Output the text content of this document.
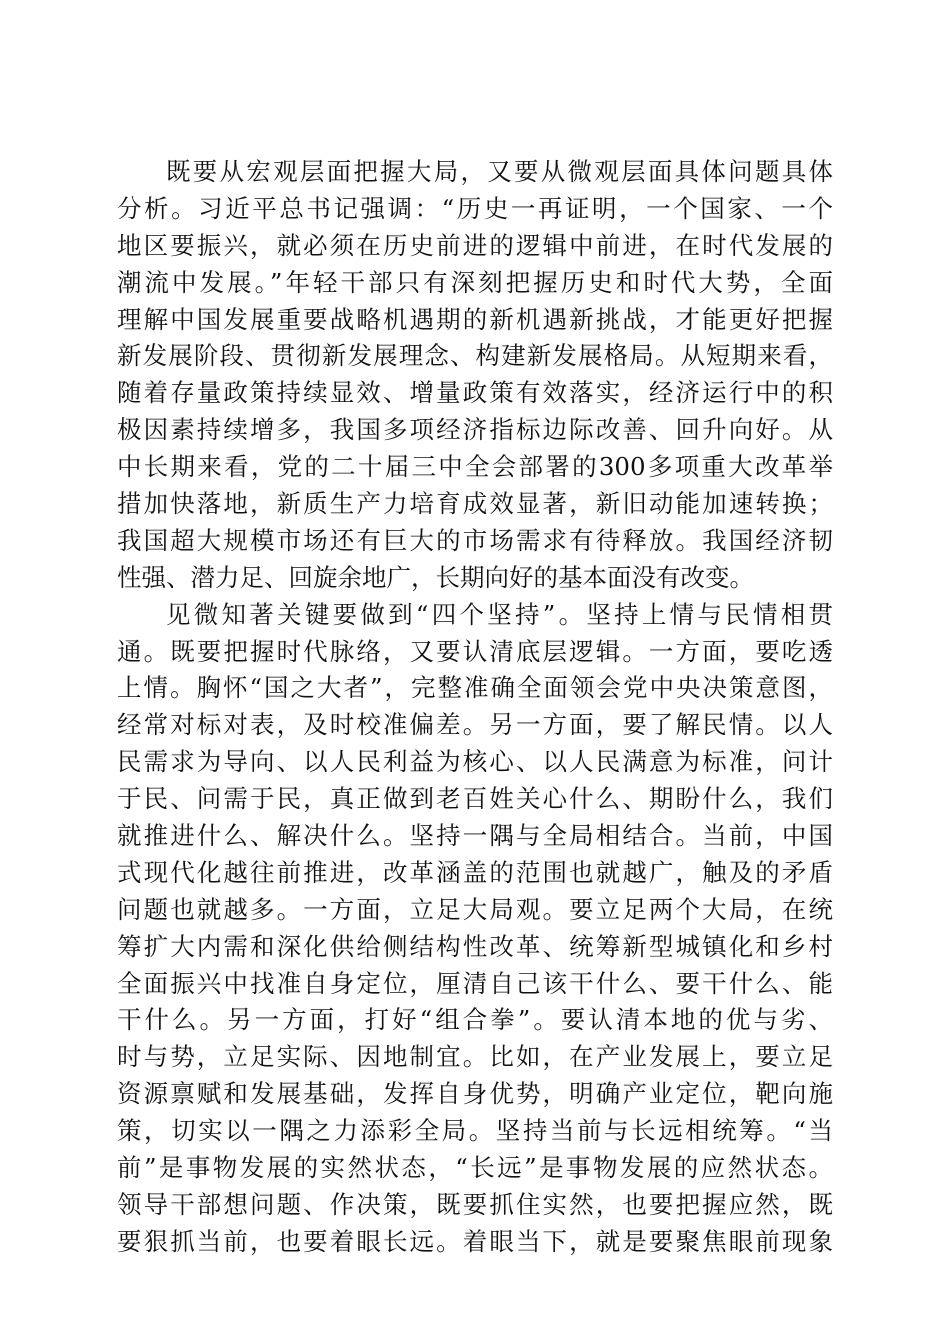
既要从宏观层面把握大局，又要从微观层面具体问题具体
分析。习近平总书记强调：“历史一再证明，一个国家、一个
地区要振兴，就必须在历史前进的逻辑中前进，在时代发展的
潮流中发展。”年轻干部只有深刻把握历史和时代大势，全面
理解中国发展重要战略机遇期的新机遇新挑战，才能更好把握
新发展阶段、贯彻新发展理念、构建新发展格局。从短期来看，
随着存量政策持续显效、增量政策有效落实，经济运行中的积
极因素持续增多，我国多项经济指标边际改善、回升向好。从
中长期来看，党的二十届三中全会部署的300多项重大改革举
措加快落地，新质生产力培育成效显著，新旧动能加速转换；
我国超大规模市场还有巨大的市场需求有待释放。我国经济韧
性强、潜力足、回旋余地广，长期向好的基本面没有改变。
见微知著关键要做到“四个坚持”。坚持上情与民情相贯
通。既要把握时代脉络，又要认清底层逻辑。一方面，要吃透
上情。胸怀“国之大者”，完整准确全面领会党中央决策意图，
经常对标对表，及时校准偏差。另一方面，要了解民情。以人
民需求为导向、以人民利益为核心、以人民满意为标准，问计
于民、问需于民，真正做到老百姓关心什么、期盼什么，我们
就推进什么、解决什么。坚持一隅与全局相结合。当前，中国
式现代化越往前推进，改革涵盖的范围也就越广，触及的矛盾
问题也就越多。一方面，立足大局观。要立足两个大局，在统
筹扩大内需和深化供给侧结构性改革、统筹新型城镇化和乡村
全面振兴中找准自身定位，厘清自己该干什么、要干什么、能
干什么。另一方面，打好“组合拳”。要认清本地的优与劣、
时与势，立足实际、因地制宜。比如，在产业发展上，要立足
资源禀赋和发展基础，发挥自身优势，明确产业定位，靶向施
策，切实以一隅之力添彩全局。坚持当前与长远相统筹。“当
前”是事物发展的实然状态，“长远”是事物发展的应然状态。
领导干部想问题、作决策，既要抓住实然，也要把握应然，既
要狠抓当前，也要着眼长远。着眼当下，就是要聚焦眼前现象
